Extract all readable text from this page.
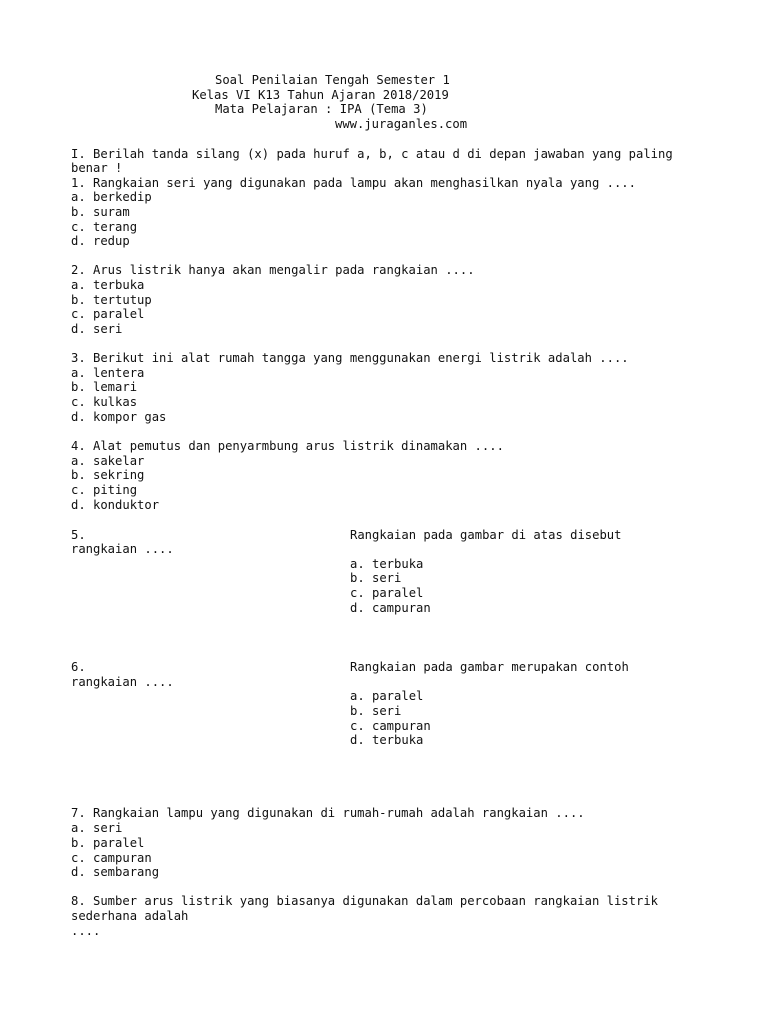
Soal Penilaian Tengah Semester 1
Kelas VI K13 Tahun Ajaran 2018/2019
Mata Pelajaran : IPA (Tema 3)
www.juraganles.com
I. Berilah tanda silang (x) pada huruf a, b, c atau d di depan jawaban yang paling
benar !
1. Rangkaian seri yang digunakan pada lampu akan menghasilkan nyala yang ....
a. berkedip
b. suram
c. terang
d. redup
2. Arus listrik hanya akan mengalir pada rangkaian ....
a. terbuka
b. tertutup
c. paralel
d. seri
3. Berikut ini alat rumah tangga yang menggunakan energi listrik adalah ....
a. lentera
b. lemari
c. kulkas
d. kompor gas
4. Alat pemutus dan penyarmbung arus listrik dinamakan ....
a. sakelar
b. sekring
c. piting
d. konduktor
5.	Rangkaian pada gambar di atas disebut
rangkaian ....
a. terbuka
b. seri
c. paralel
d. campuran
6.	Rangkaian pada gambar merupakan contoh
rangkaian ....
a. paralel
b. seri
c. campuran
d. terbuka
7. Rangkaian lampu yang digunakan di rumah-rumah adalah rangkaian ....
a. seri
b. paralel
c. campuran
d. sembarang
8. Sumber arus listrik yang biasanya digunakan dalam percobaan rangkaian listrik
sederhana adalah
....
